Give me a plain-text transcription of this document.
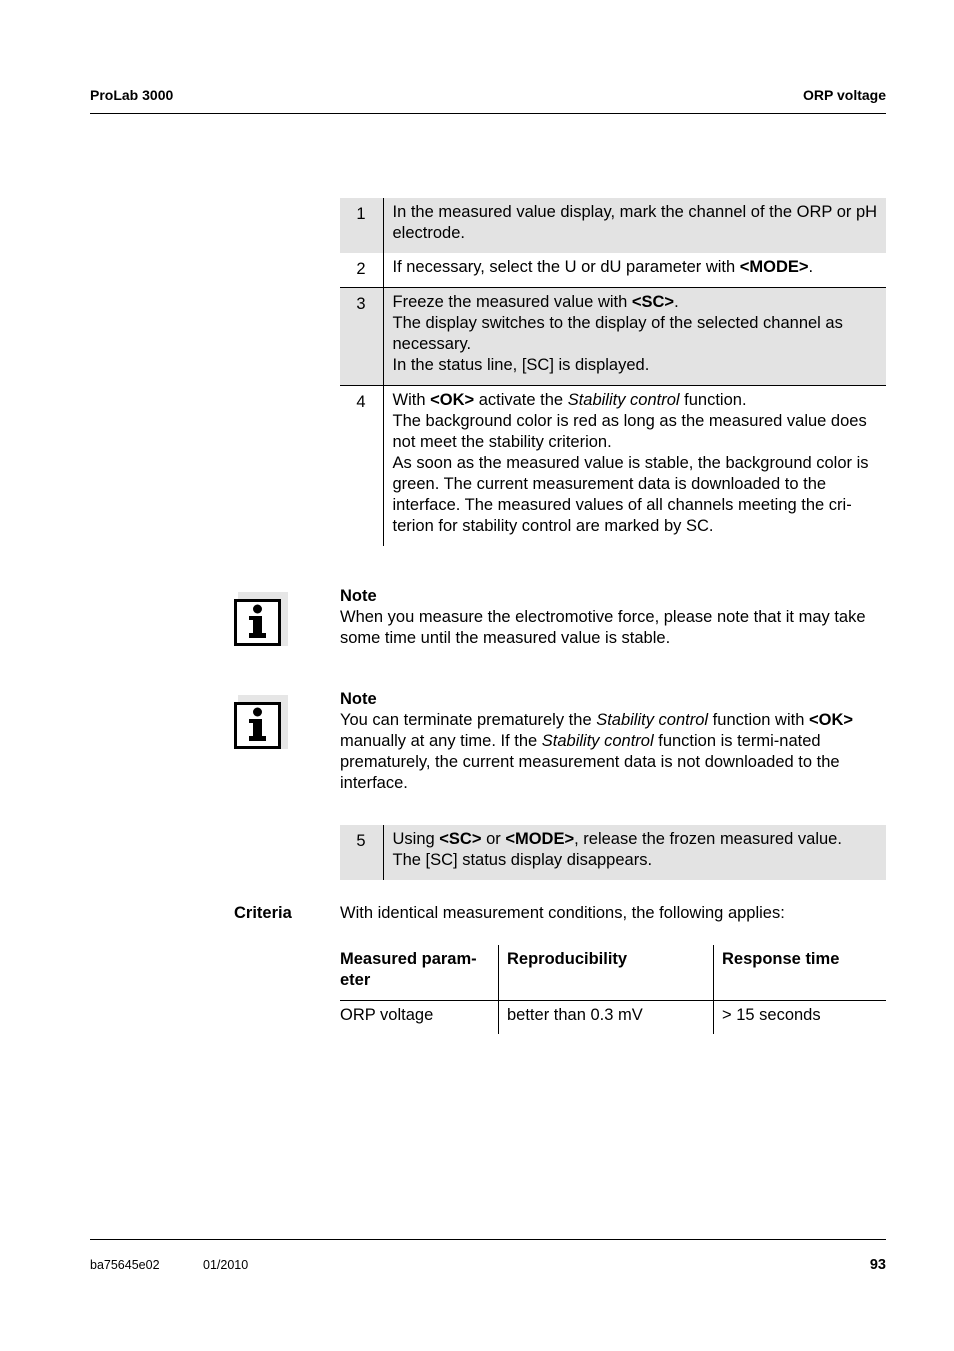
ProLab 3000	ORP voltage
1	In the measured value display, mark the channel of the ORP or pH electrode.
2	If necessary, select the U or dU parameter with <MODE>.
3	Freeze the measured value with <SC>.
The display switches to the display of the selected channel as necessary.
In the status line, [SC] is displayed.

4	With <OK> activate the Stability control function.
The background color is red as long as the measured value does not meet the stability criterion.
As soon as the measured value is stable, the background color is green. The current measurement data is downloaded to the interface. The measured values of all channels meeting the cri-terion for stability control are marked by SC.
Note
When you measure the electromotive force, please note that it may take some time until the measured value is stable.
Note
You can terminate prematurely the Stability control function with <OK> manually at any time. If the Stability control function is termi-nated prematurely, the current measurement data is not downloaded to the interface.
5	Using <SC> or <MODE>, release the frozen measured value.
The [SC] status display disappears.
Criteria	With identical measurement conditions, the following applies:
Measured param-eter	Reproducibility	Response time
ORP voltage	better than 0.3 mV	> 15 seconds
ba75645e02	01/2010	93
